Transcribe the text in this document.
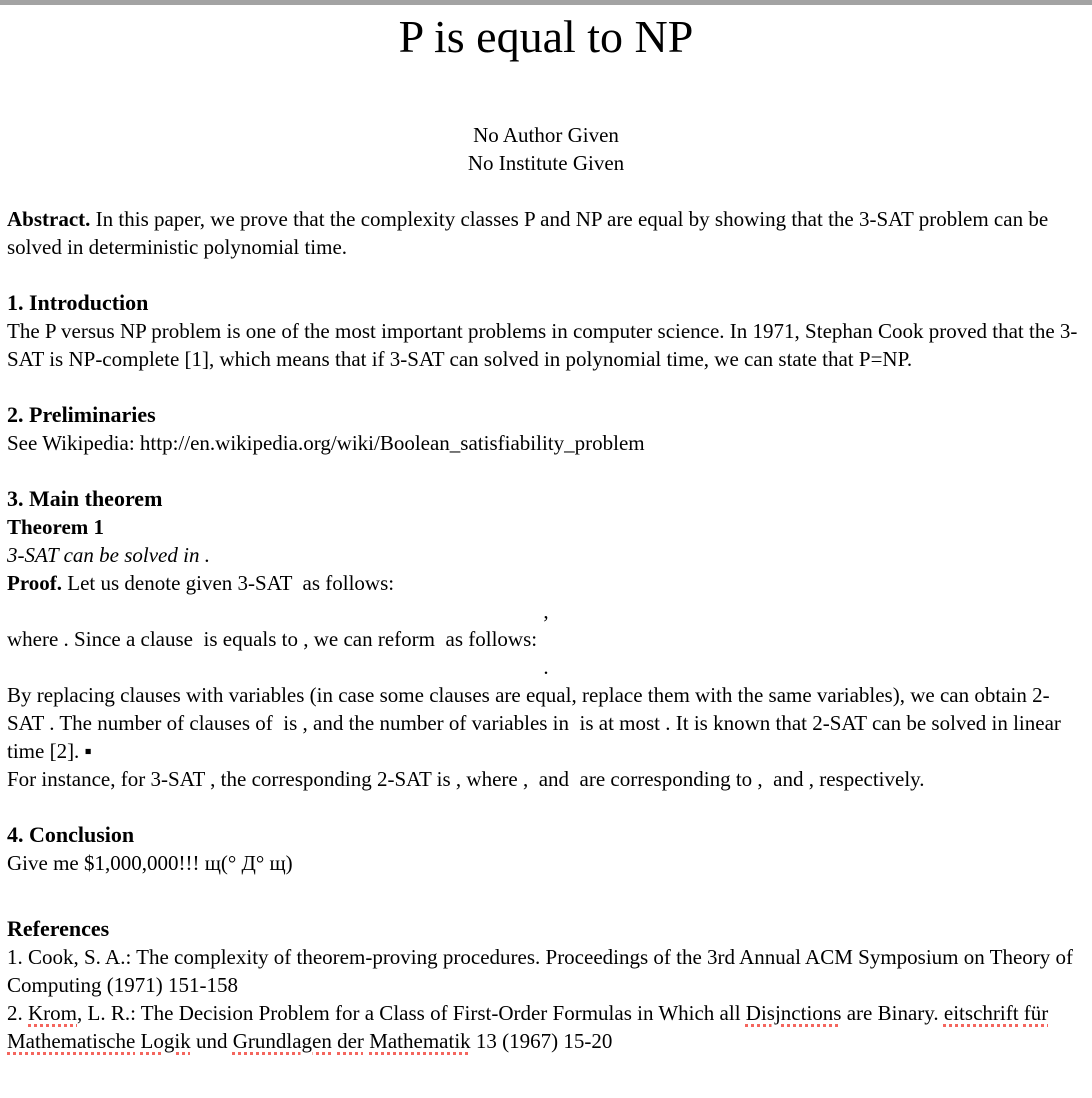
P is equal to NP

No Author Given

No Institute Given

Abstract. In this paper, we prove that the complexity classes P and NP are equal by showing that the 3-SAT problem can be solved in deterministic polynomial time.

1. Introduction

The P versus NP problem is one of the most important problems in computer science. In 1971, Stephan Cook proved that the 3-SAT is NP-complete [1], which means that if 3-SAT can solved in polynomial time, we can state that P=NP.

2. Preliminaries

See Wikipedia: http://en.wikipedia.org/wiki/Boolean_satisfiability_problem

3. Main theorem

Theorem 1

3-SAT can be solved in .

Proof. Let us denote given 3-SAT  as follows:

,

where . Since a clause  is equals to , we can reform  as follows:

.

By replacing clauses with variables (in case some clauses are equal, replace them with the same variables), we can obtain 2-SAT . The number of clauses of  is , and the number of variables in  is at most . It is known that 2-SAT can be solved in linear time [2]. ▪

For instance, for 3-SAT , the corresponding 2-SAT is , where ,  and  are corresponding to ,  and , respectively.

4. Conclusion

Give me $1,000,000!!! щ(° Д° щ)

References

1. Cook, S. A.: The complexity of theorem-proving procedures. Proceedings of the 3rd Annual ACM Symposium on Theory of Computing (1971) 151-158

2. Krom, L. R.: The Decision Problem for a Class of First-Order Formulas in Which all Disjnctions are Binary. eitschrift für Mathematische Logik und Grundlagen der Mathematik 13 (1967) 15-20
